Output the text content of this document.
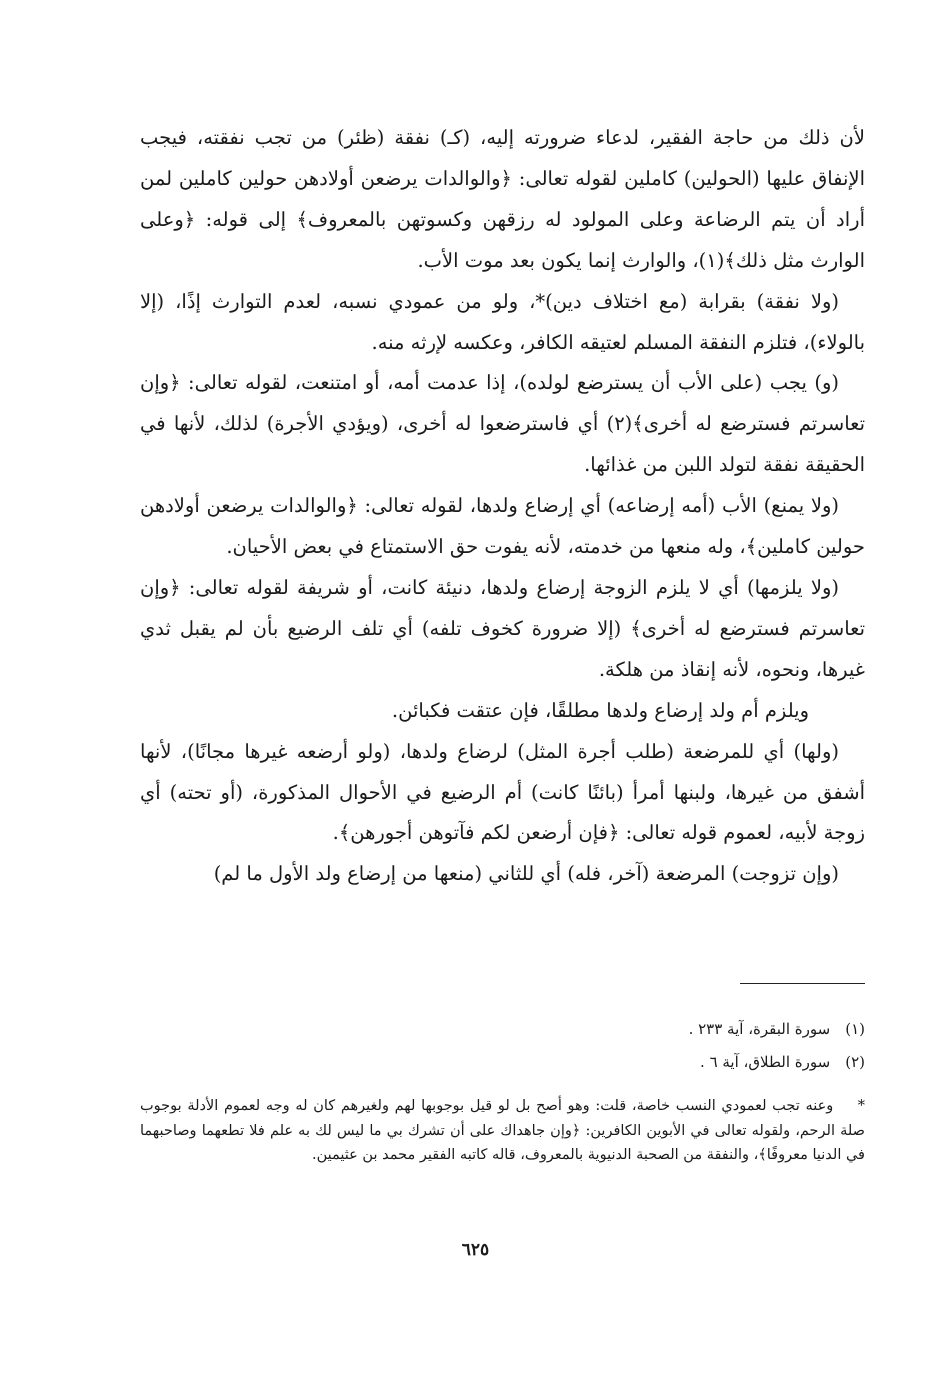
لأن ذلك من حاجة الفقير، لدعاء ضرورته إليه، (كـ) نفقة (ظئر) من تجب نفقته، فيجب الإنفاق عليها (الحولين) كاملين لقوله تعالى: ﴿والوالدات يرضعن أولادهن حولين كاملين لمن أراد أن يتم الرضاعة وعلى المولود له رزقهن وكسوتهن بالمعروف﴾ إلى قوله: ﴿وعلى الوارث مثل ذلك﴾(١)، والوارث إنما يكون بعد موت الأب.

(ولا نفقة) بقرابة (مع اختلاف دين)*، ولو من عمودي نسبه، لعدم التوارث إذًا، (إلا بالولاء)، فتلزم النفقة المسلم لعتيقه الكافر، وعكسه لإرثه منه.

(و) يجب (على الأب أن يسترضع لولده)، إذا عدمت أمه، أو امتنعت، لقوله تعالى: ﴿وإن تعاسرتم فسترضع له أخرى﴾(٢) أي فاسترضعوا له أخرى، (ويؤدي الأجرة) لذلك، لأنها في الحقيقة نفقة لتولد اللبن من غذائها.

(ولا يمنع) الأب (أمه إرضاعه) أي إرضاع ولدها، لقوله تعالى: ﴿والوالدات يرضعن أولادهن حولين كاملين﴾، وله منعها من خدمته، لأنه يفوت حق الاستمتاع في بعض الأحيان.

(ولا يلزمها) أي لا يلزم الزوجة إرضاع ولدها، دنيئة كانت، أو شريفة لقوله تعالى: ﴿وإن تعاسرتم فسترضع له أخرى﴾ (إلا ضرورة كخوف تلفه) أي تلف الرضيع بأن لم يقبل ثدي غيرها، ونحوه، لأنه إنقاذ من هلكة.

ويلزم أم ولد إرضاع ولدها مطلقًا، فإن عتقت فكبائن.

(ولها) أي للمرضعة (طلب أجرة المثل) لرضاع ولدها، (ولو أرضعه غيرها مجانًا)، لأنها أشفق من غيرها، ولبنها أمرأ (بائنًا كانت) أم الرضيع في الأحوال المذكورة، (أو تحته) أي زوجة لأبيه، لعموم قوله تعالى: ﴿فإن أرضعن لكم فآتوهن أجورهن﴾.

(وإن تزوجت) المرضعة (آخر، فله) أي للثاني (منعها من إرضاع ولد الأول ما لم)

(١) سورة البقرة، آية ٢٣٣ .
(٢) سورة الطلاق، آية ٦ .
* وعنه تجب لعمودي النسب خاصة، قلت: وهو أصح بل لو قيل بوجوبها لهم ولغيرهم كان له وجه لعموم الأدلة بوجوب صلة الرحم، ولقوله تعالى في الأبوين الكافرين: ﴿وإن جاهداك على أن تشرك بي ما ليس لك به علم فلا تطعهما وصاحبهما في الدنيا معروفًا﴾، والنفقة من الصحبة الدنيوية بالمعروف، قاله كاتبه الفقير محمد بن عثيمين.
٦٢٥
